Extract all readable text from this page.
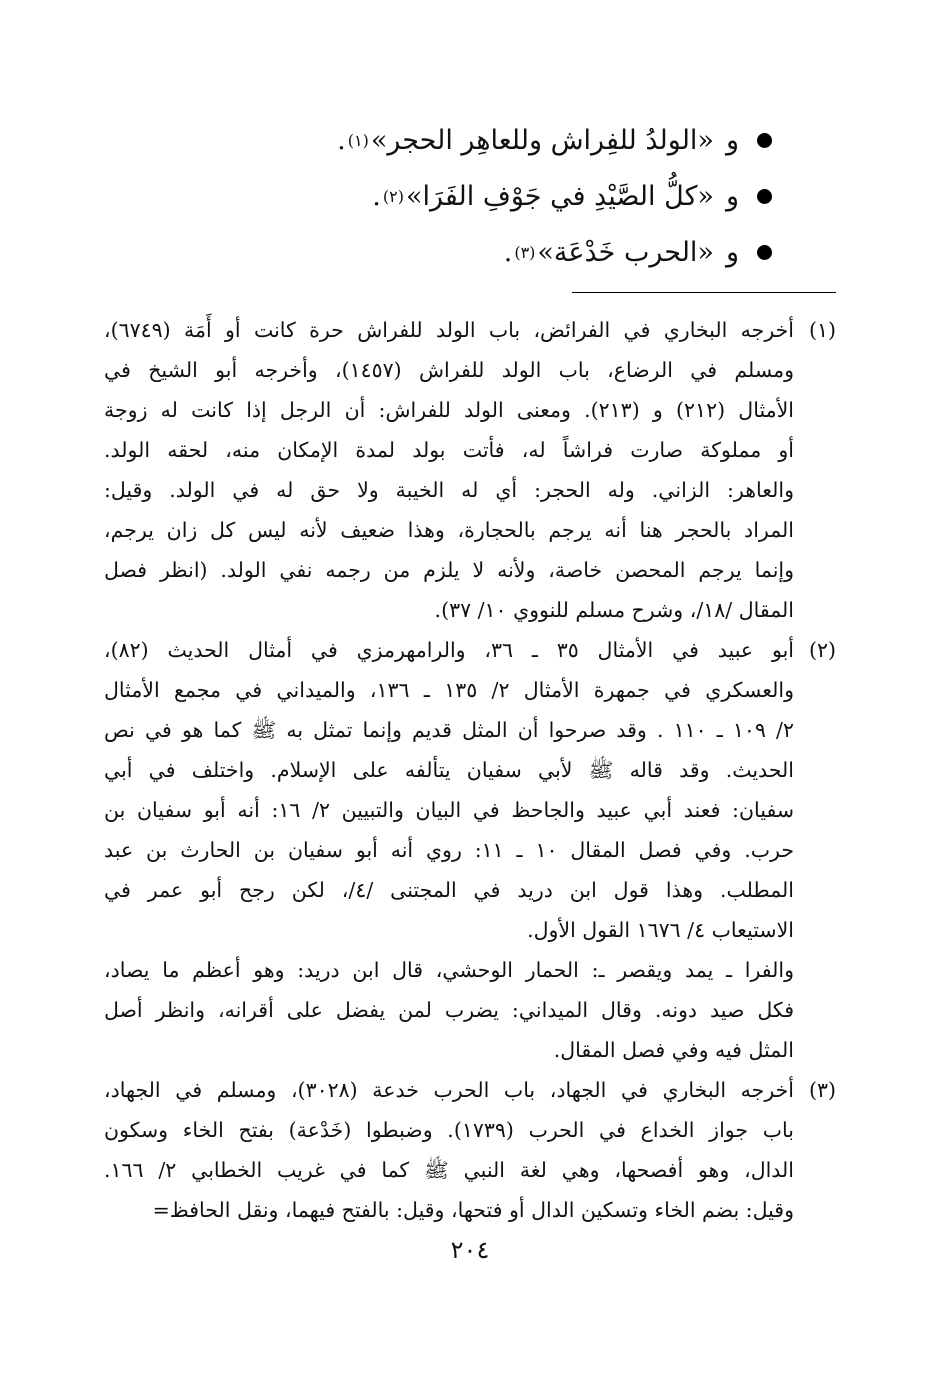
و
«الولدُ للفِراش وللعاهِر الحجر»
(١)
.
و
«كلُّ الصَّيْدِ في جَوْفِ الفَرَا»
(٢)
.
و
«الحرب خَدْعَة»
(٣)
.
(١)
أخرجه البخاري في الفرائض، باب الولد للفراش حرة كانت أو أَمَة (٦٧٤٩)،
ومسلم في الرضاع، باب الولد للفراش (١٤٥٧)، وأخرجه أبو الشيخ في
الأمثال (٢١٢) و (٢١٣). ومعنى الولد للفراش: أن الرجل إذا كانت له زوجة
أو مملوكة صارت فراشاً له، فأتت بولد لمدة الإمكان منه، لحقه الولد.
والعاهر: الزاني. وله الحجر: أي له الخيبة ولا حق له في الولد. وقيل:
المراد بالحجر هنا أنه يرجم بالحجارة، وهذا ضعيف لأنه ليس كل زان يرجم،
وإنما يرجم المحصن خاصة، ولأنه لا يلزم من رجمه نفي الولد. (انظر فصل
المقال /١٨/، وشرح مسلم للنووي ١٠/ ٣٧).
(٢)
أبو عبيد في الأمثال ٣٥ ـ ٣٦، والرامهرمزي في أمثال الحديث (٨٢)،
والعسكري في جمهرة الأمثال ٢/ ١٣٥ ـ ١٣٦، والميداني في مجمع الأمثال
٢/ ١٠٩ ـ ١١٠ . وقد صرحوا أن المثل قديم وإنما تمثل به ﷺ كما هو في نص
الحديث. وقد قاله ﷺ لأبي سفيان يتألفه على الإسلام. واختلف في أبي
سفيان: فعند أبي عبيد والجاحظ في البيان والتبيين ٢/ ١٦: أنه أبو سفيان بن
حرب. وفي فصل المقال ١٠ ـ ١١: روي أنه أبو سفيان بن الحارث بن عبد
المطلب. وهذا قول ابن دريد في المجتنى /٤/، لكن رجح أبو عمر في
الاستيعاب ٤/ ١٦٧٦ القول الأول.
والفرا ـ يمد ويقصر ـ: الحمار الوحشي، قال ابن دريد: وهو أعظم ما يصاد،
فكل صيد دونه. وقال الميداني: يضرب لمن يفضل على أقرانه، وانظر أصل
المثل فيه وفي فصل المقال.
(٣)
أخرجه البخاري في الجهاد، باب الحرب خدعة (٣٠٢٨)، ومسلم في الجهاد،
باب جواز الخداع في الحرب (١٧٣٩). وضبطوا (خَدْعة) بفتح الخاء وسكون
الدال، وهو أفصحها، وهي لغة النبي ﷺ كما في غريب الخطابي ٢/ ١٦٦.
وقيل: بضم الخاء وتسكين الدال أو فتحها، وقيل: بالفتح فيهما، ونقل الحافظ=
٢٠٤
